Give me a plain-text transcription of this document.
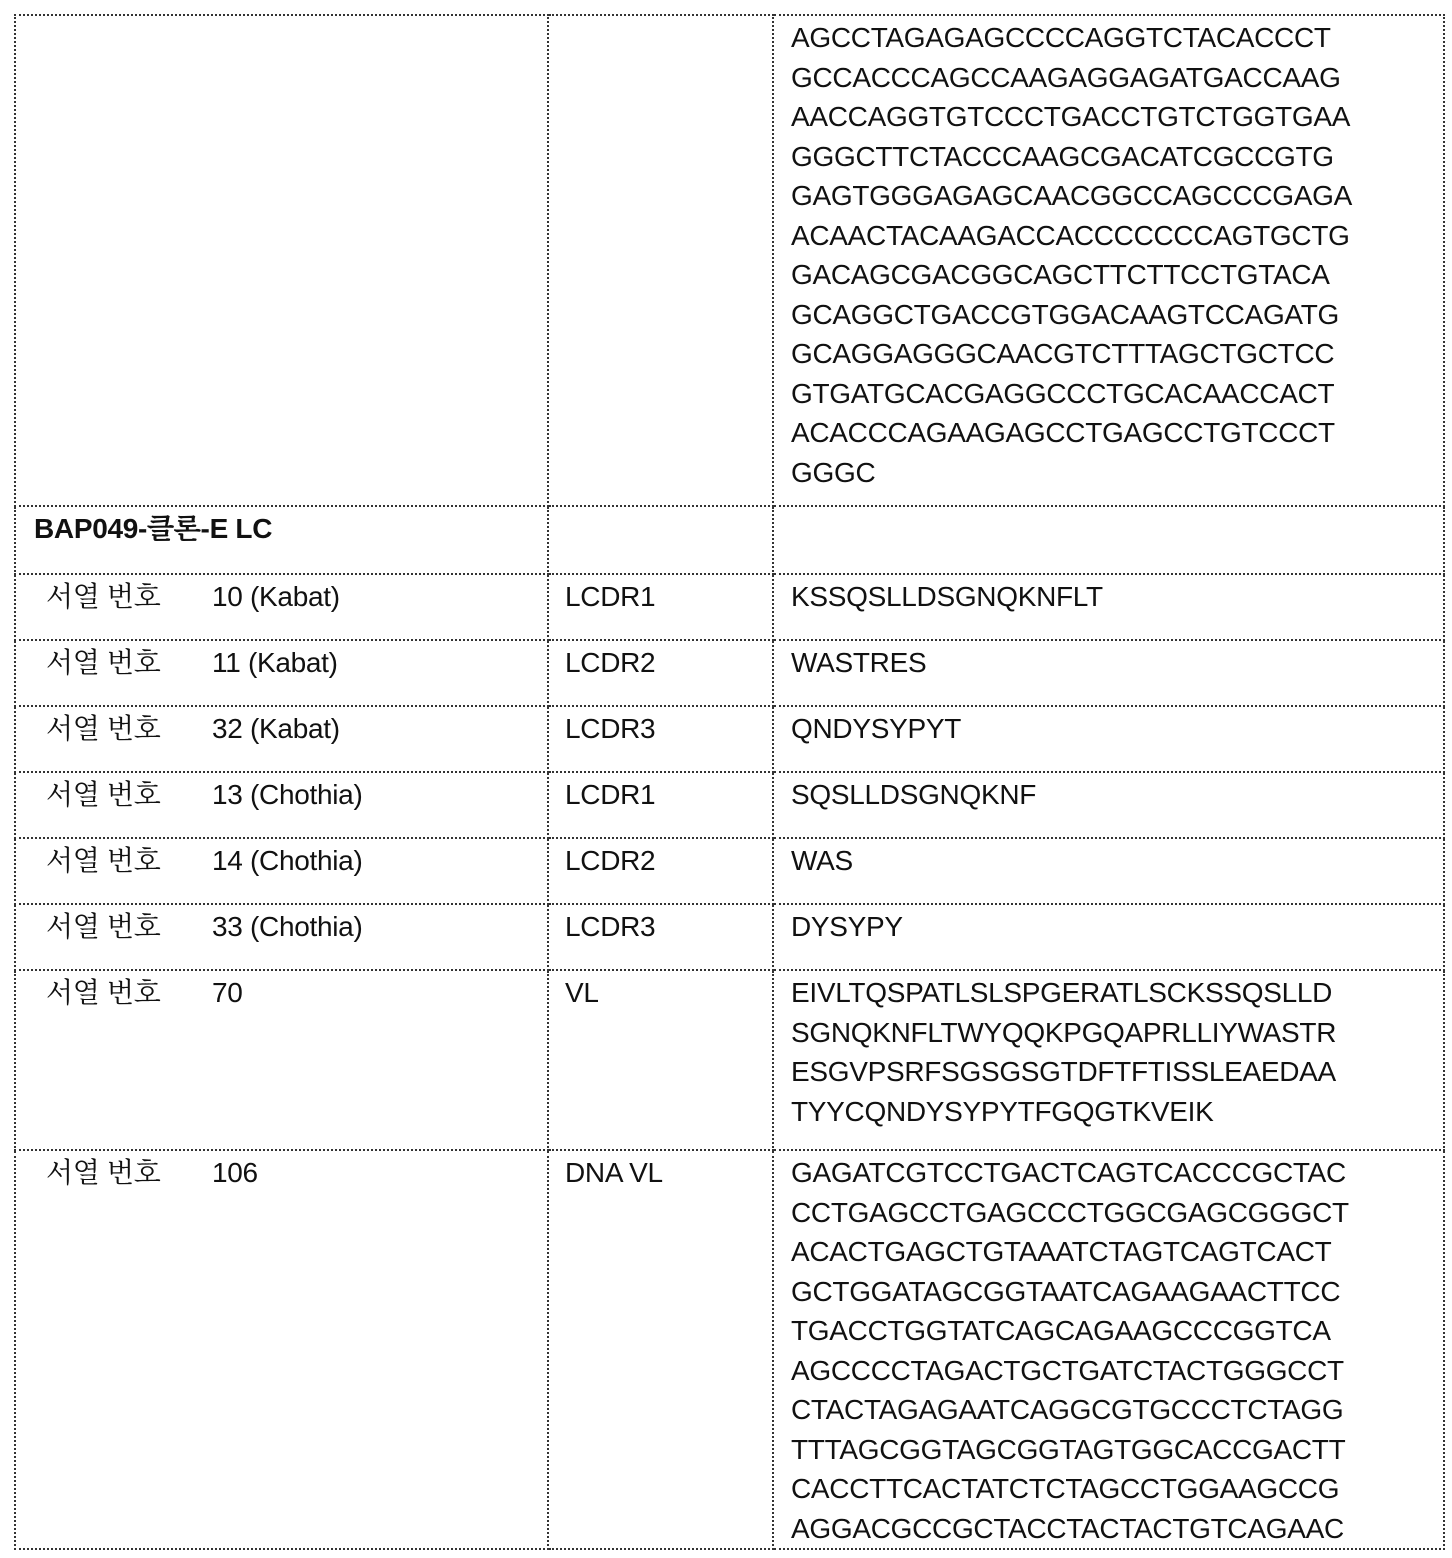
AGCCTAGAGAGCCCCAGGTCTACACCCT
GCCACCCAGCCAAGAGGAGATGACCAAG
AACCAGGTGTCCCTGACCTGTCTGGTGAA
GGGCTTCTACCCAAGCGACATCGCCGTG
GAGTGGGAGAGCAACGGCCAGCCCGAGA
ACAACTACAAGACCACCCCCCCAGTGCTG
GACAGCGACGGCAGCTTCTTCCTGTACA
GCAGGCTGACCGTGGACAAGTCCAGATG
GCAGGAGGGCAACGTCTTTAGCTGCTCC
GTGATGCACGAGGCCCTGCACAACCACT
ACACCCAGAAGAGCCTGAGCCTGTCCCT
GGGC

BAP049-클론-E LC		
서열 번호 10 (Kabat)	LCDR1	KSSQSLLDSGNQKNFLT
서열 번호 11 (Kabat)	LCDR2	WASTRES
서열 번호 32 (Kabat)	LCDR3	QNDYSYPYT
서열 번호 13 (Chothia)	LCDR1	SQSLLDSGNQKNF
서열 번호 14 (Chothia)	LCDR2	WAS
서열 번호 33 (Chothia)	LCDR3	DYSYPY
서열 번호 70	VL	EIVLTQSPATLSLSPGERATLSCKSSQSLLD
SGNQKNFLTWYQQKPGQAPRLLIYWASTR
ESGVPSRFSGSGSGTDFTFTISSLEAEDAA
TYYCQNDYSYPYTFGQGTKVEIK

서열 번호 106	DNA VL	GAGATCGTCCTGACTCAGTCACCCGCTAC
CCTGAGCCTGAGCCCTGGCGAGCGGGCT
ACACTGAGCTGTAAATCTAGTCAGTCACT
GCTGGATAGCGGTAATCAGAAGAACTTCC
TGACCTGGTATCAGCAGAAGCCCGGTCA
AGCCCCTAGACTGCTGATCTACTGGGCCT
CTACTAGAGAATCAGGCGTGCCCTCTAGG
TTTAGCGGTAGCGGTAGTGGCACCGACTT
CACCTTCACTATCTCTAGCCTGGAAGCCG
AGGACGCCGCTACCTACTACTGTCAGAAC
